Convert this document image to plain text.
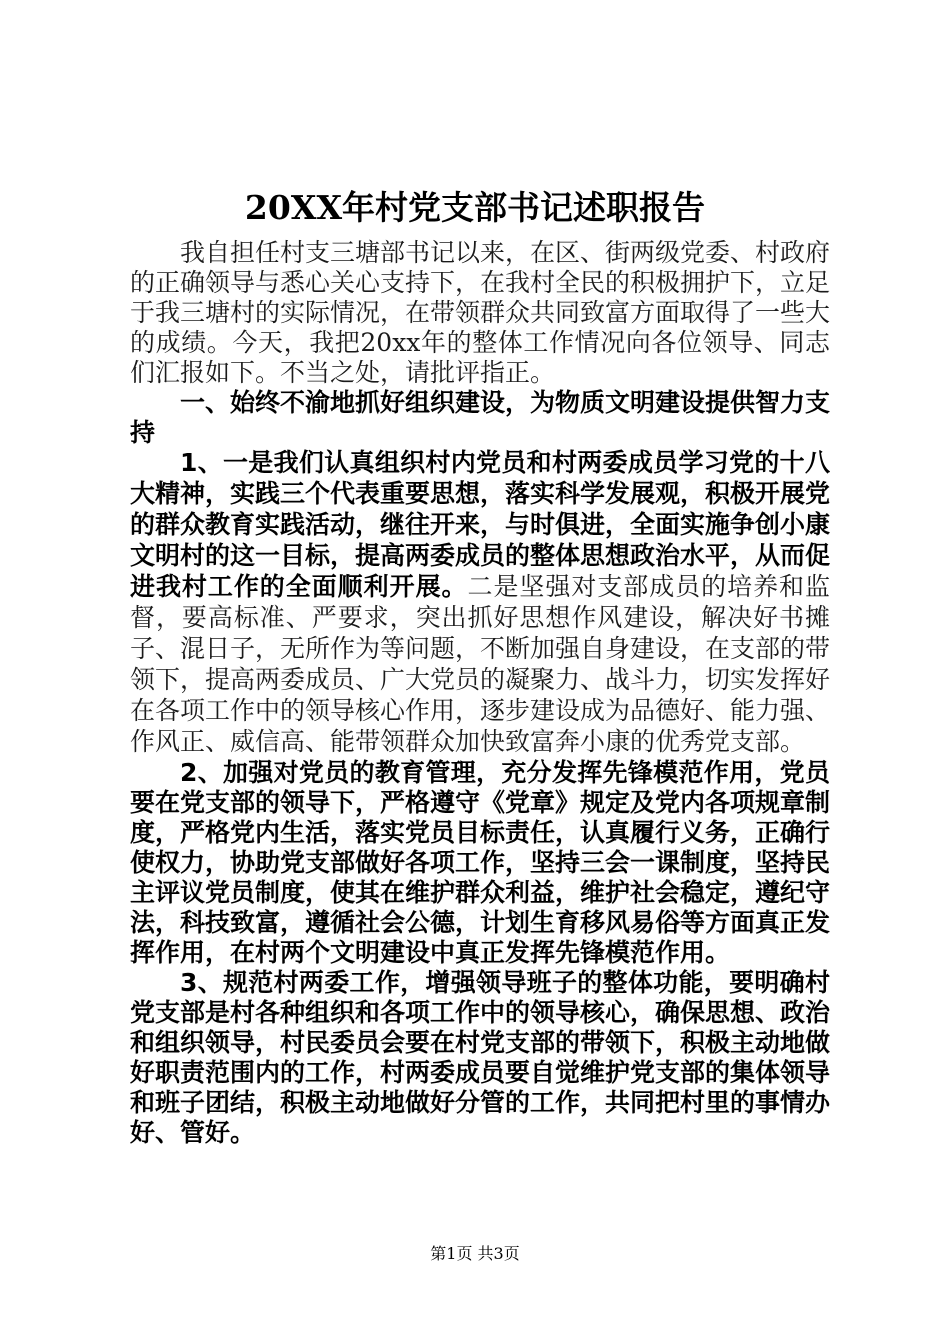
20XX年村党支部书记述职报告

我自担任村支三塘部书记以来，在区、街两级党委、村政府的正确领导与悉心关心支持下，在我村全民的积极拥护下，立足于我三塘村的实际情况，在带领群众共同致富方面取得了一些大的成绩。今天，我把20xx年的整体工作情况向各位领导、同志们汇报如下。不当之处，请批评指正。

一、始终不渝地抓好组织建设，为物质文明建设提供智力支持

1、一是我们认真组织村内党员和村两委成员学习党的十八大精神，实践三个代表重要思想，落实科学发展观，积极开展党的群众教育实践活动，继往开来，与时俱进，全面实施争创小康文明村的这一目标，提高两委成员的整体思想政治水平，从而促进我村工作的全面顺利开展。二是坚强对支部成员的培养和监督，要高标准、严要求，突出抓好思想作风建设，解决好书摊子、混日子，无所作为等问题，不断加强自身建设，在支部的带领下，提高两委成员、广大党员的凝聚力、战斗力，切实发挥好在各项工作中的领导核心作用，逐步建设成为品德好、能力强、作风正、威信高、能带领群众加快致富奔小康的优秀党支部。

2、加强对党员的教育管理，充分发挥先锋模范作用，党员要在党支部的领导下，严格遵守《党章》规定及党内各项规章制度，严格党内生活，落实党员目标责任，认真履行义务，正确行使权力，协助党支部做好各项工作，坚持三会一课制度，坚持民主评议党员制度，使其在维护群众利益，维护社会稳定，遵纪守法，科技致富，遵循社会公德，计划生育移风易俗等方面真正发挥作用，在村两个文明建设中真正发挥先锋模范作用。

3、规范村两委工作，增强领导班子的整体功能，要明确村党支部是村各种组织和各项工作中的领导核心，确保思想、政治和组织领导，村民委员会要在村党支部的带领下，积极主动地做好职责范围内的工作，村两委成员要自觉维护党支部的集体领导和班子团结，积极主动地做好分管的工作，共同把村里的事情办好、管好。

第1页 共3页
